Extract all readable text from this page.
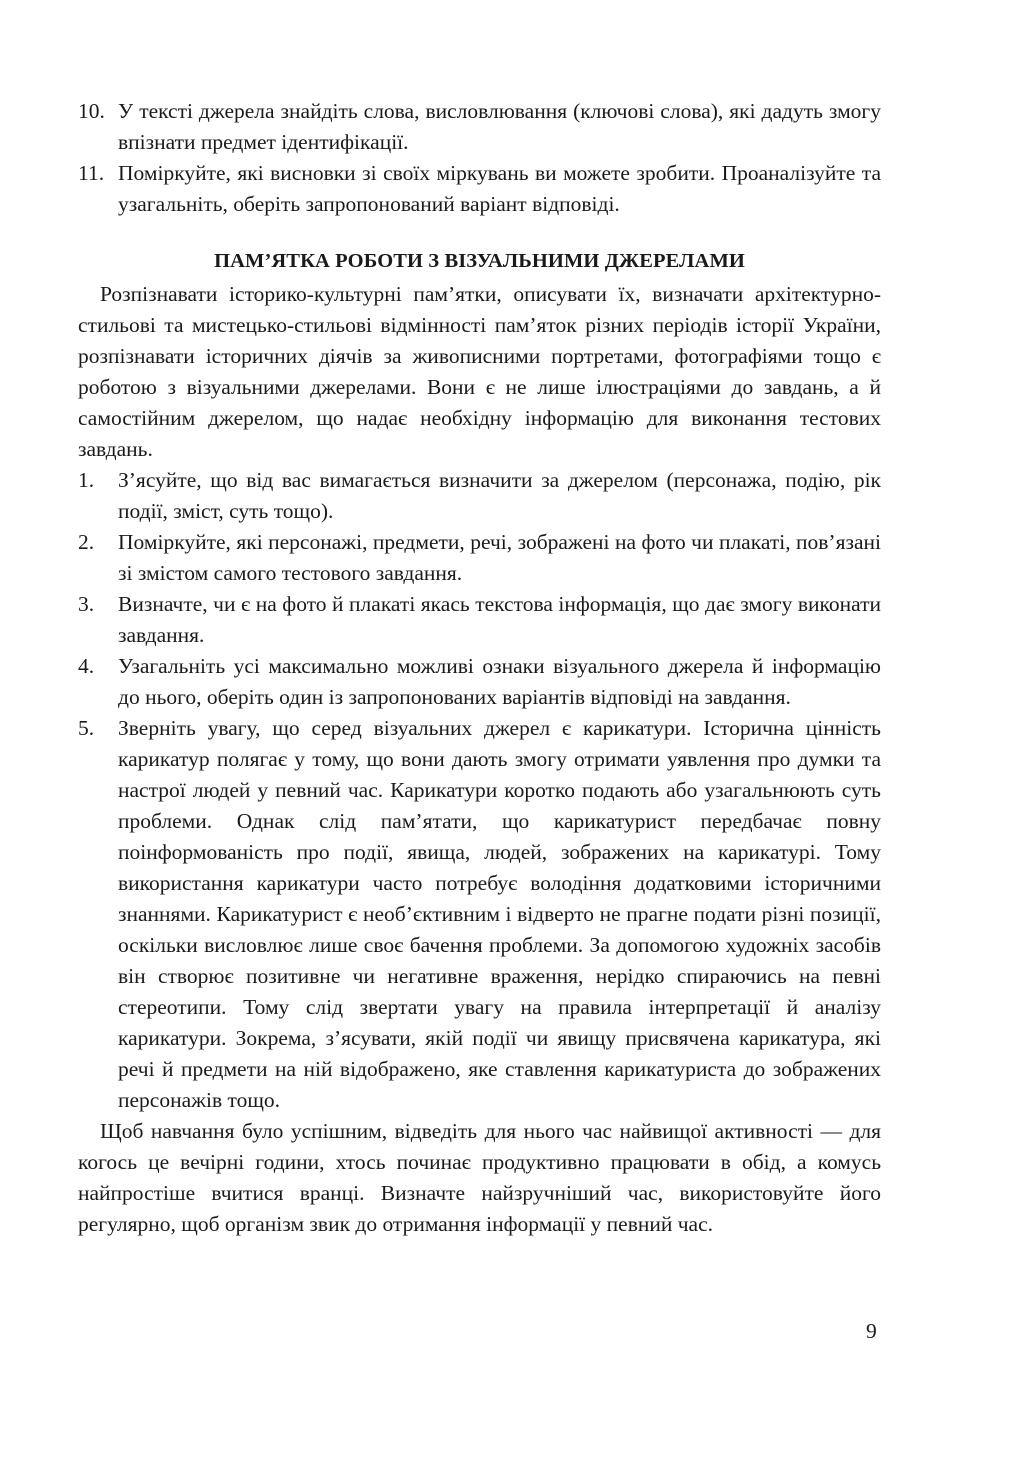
10. У тексті джерела знайдіть слова, висловлювання (ключові слова), які дадуть змогу впізнати предмет ідентифікації.
11. Поміркуйте, які висновки зі своїх міркувань ви можете зробити. Проаналізуйте та узагальніть, оберіть запропонований варіант відповіді.
ПАМ’ЯТКА РОБОТИ З ВІЗУАЛЬНИМИ ДЖЕРЕЛАМИ

Розпізнавати історико-культурні пам’ятки, описувати їх, визначати архітектурно-стильові та мистецько-стильові відмінності пам’яток різних періодів історії України, розпізнавати історичних діячів за живописними портретами, фотографіями тощо є роботою з візуальними джерелами. Вони є не лише ілюстраціями до завдань, а й самостійним джерелом, що надає необхідну інформацію для виконання тестових завдань.

1.	З’ясуйте, що від вас вимагається визначити за джерелом (персонажа, подію, рік події, зміст, суть тощо).
2.	Поміркуйте, які персонажі, предмети, речі, зображені на фото чи плакаті, пов’язані зі змістом самого тестового завдання.
3.	Визначте, чи є на фото й плакаті якась текстова інформація, що дає змогу виконати завдання.
4.	Узагальніть усі максимально можливі ознаки візуального джерела й інформацію до нього, оберіть один із запропонованих варіантів відповіді на завдання.
5.	Зверніть увагу, що серед візуальних джерел є карикатури. Історична цінність карикатур полягає у тому, що вони дають змогу отримати уявлення про думки та настрої людей у певний час. Карикатури коротко подають або узагальнюють суть проблеми. Однак слід пам’ятати, що карикатурист передбачає повну поінформованість про події, явища, людей, зображених на карикатурі. Тому використання карикатури часто потребує володіння додатковими історичними знаннями. Карикатурист є необ’єктивним і відверто не прагне подати різні позиції, оскільки висловлює лише своє бачення проблеми. За допомогою художніх засобів він створює позитивне чи негативне враження, нерідко спираючись на певні стереотипи. Тому слід звертати увагу на правила інтерпретації й аналізу карикатури. Зокрема, з’ясувати, якій події чи явищу присвячена карикатура, які речі й предмети на ній відображено, яке ставлення карикатуриста до зображених персонажів тощо.

Щоб навчання було успішним, відведіть для нього час найвищої активності — для когось це вечірні години, хтось починає продуктивно працювати в обід, а комусь найпростіше вчитися вранці. Визначте найзручніший час, використовуйте його регулярно, щоб організм звик до отримання інформації у певний час.

9
